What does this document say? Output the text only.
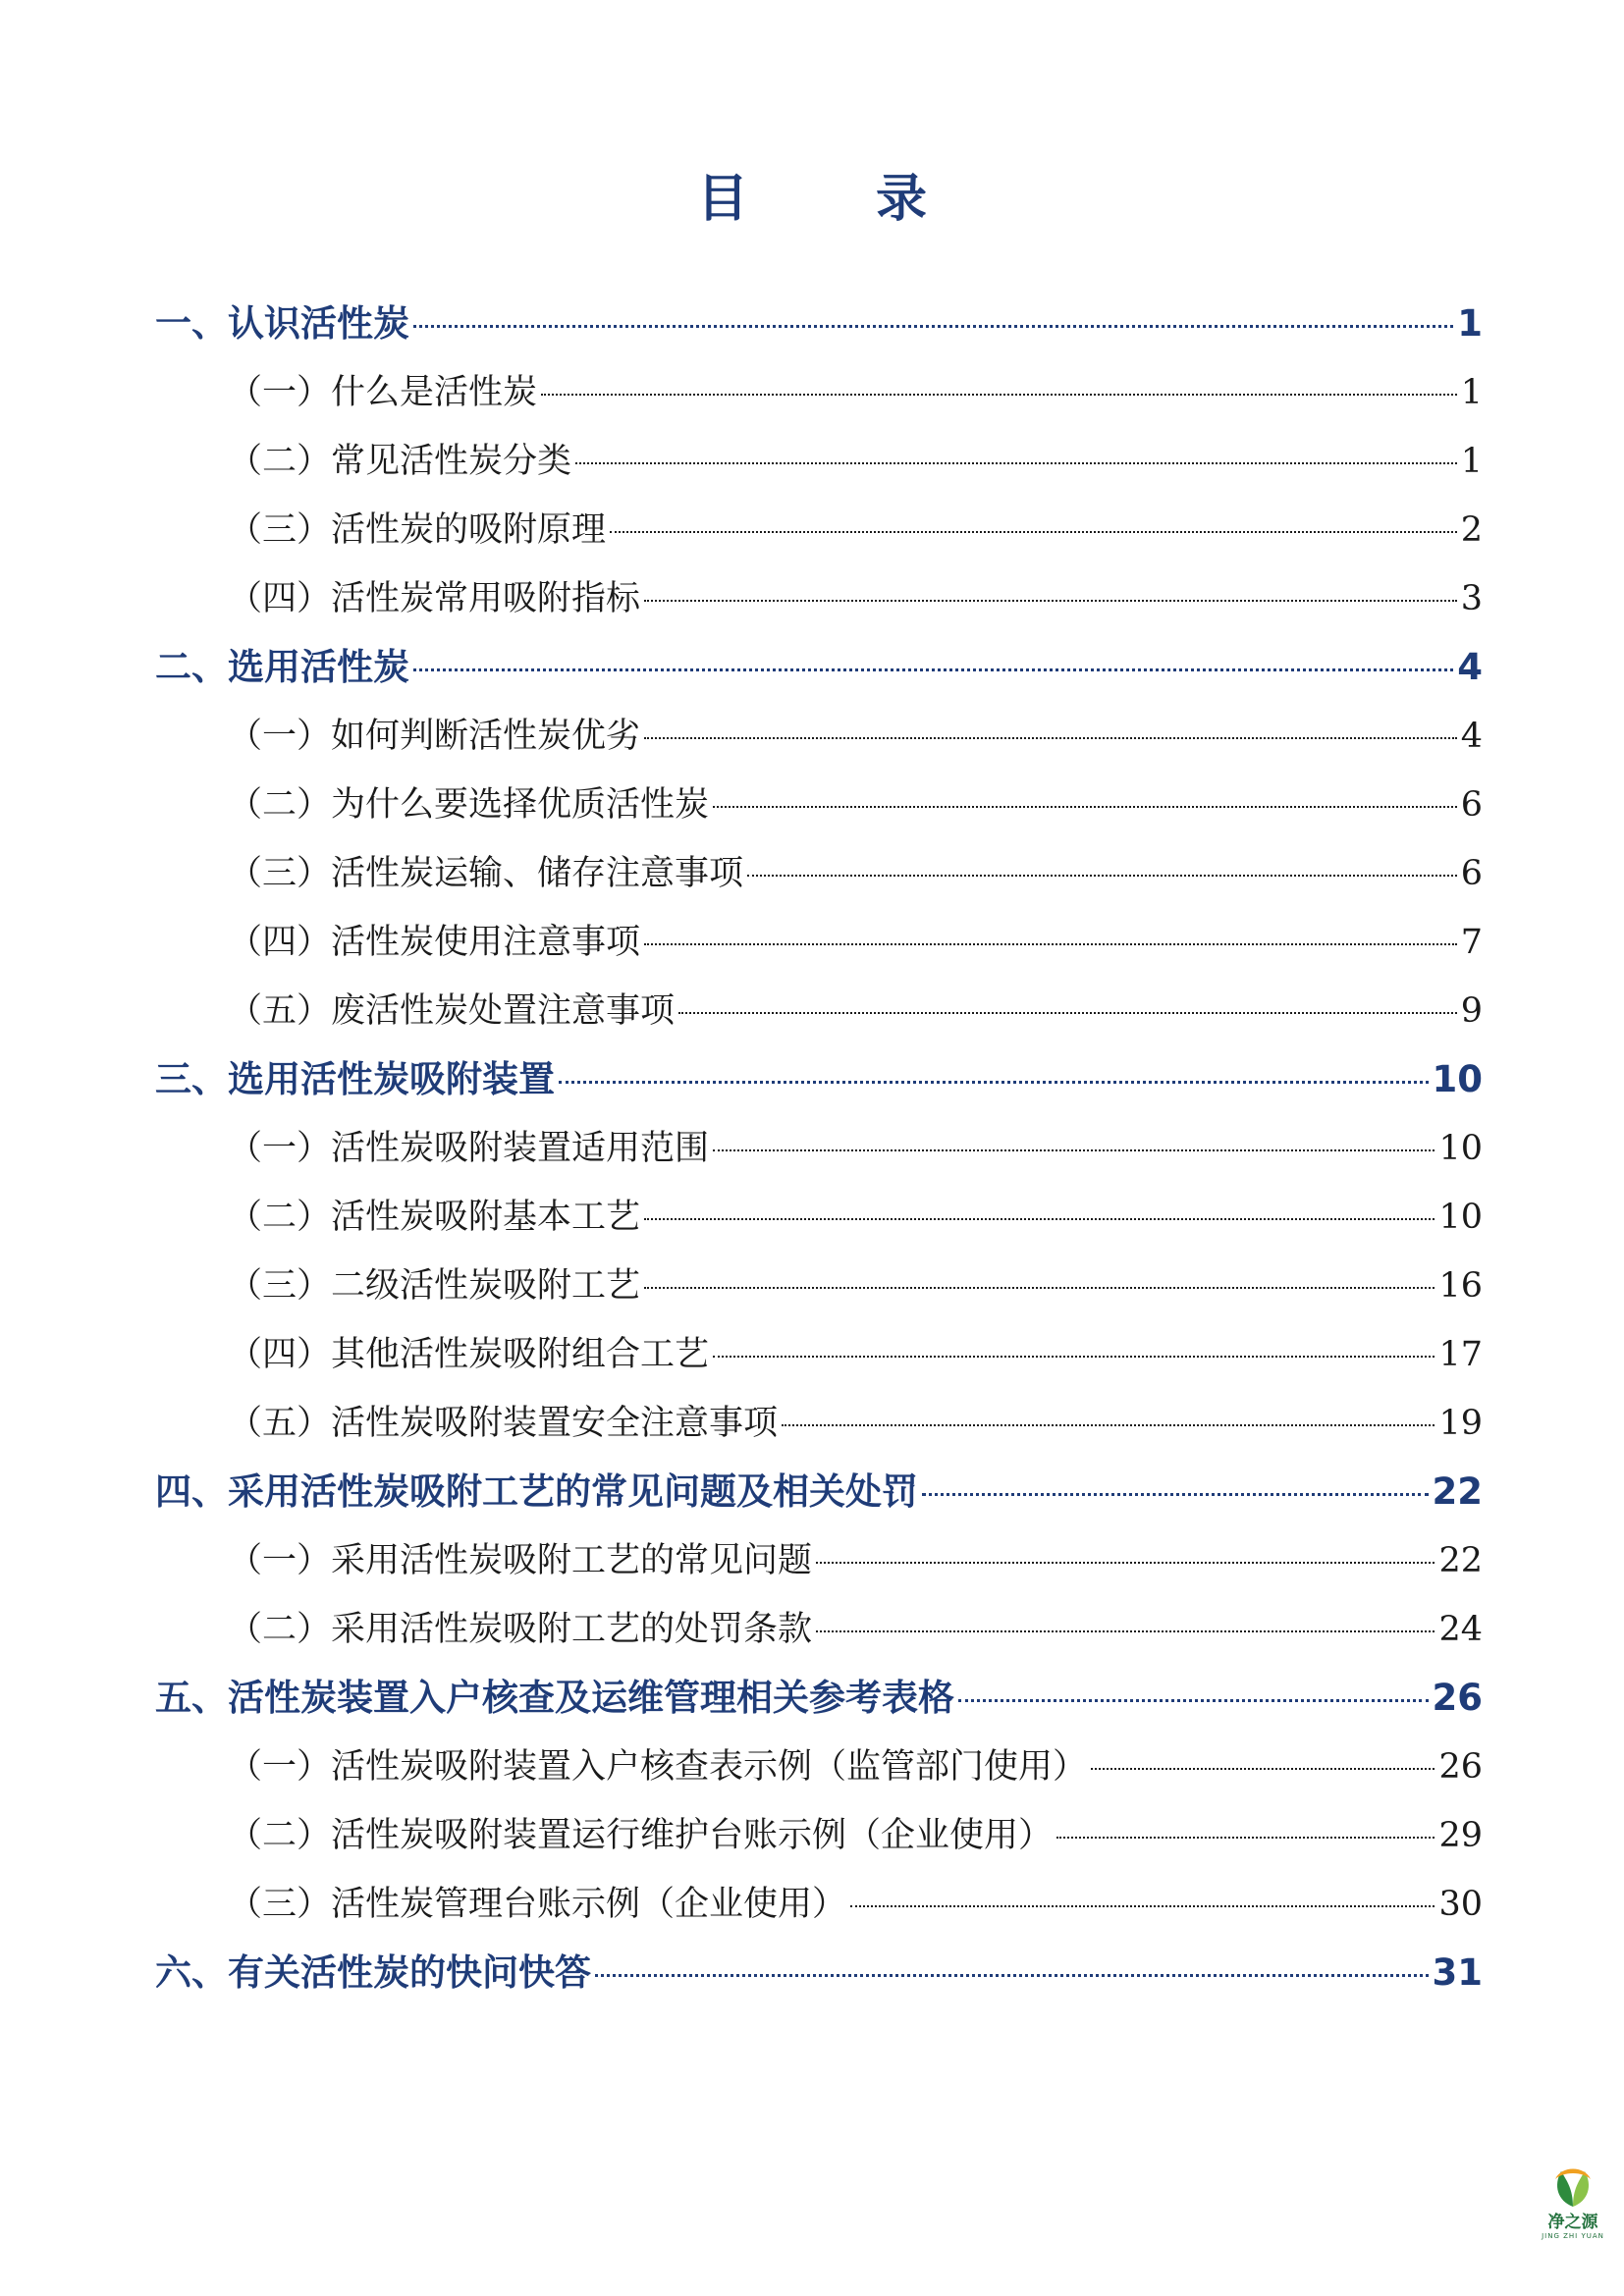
目 录
一、认识活性炭	1
（一）什么是活性炭	1
（二）常见活性炭分类	1
（三）活性炭的吸附原理	2
（四）活性炭常用吸附指标	3
二、选用活性炭	4
（一）如何判断活性炭优劣	4
（二）为什么要选择优质活性炭	6
（三）活性炭运输、储存注意事项	6
（四）活性炭使用注意事项	7
（五）废活性炭处置注意事项	9
三、选用活性炭吸附装置	10
（一）活性炭吸附装置适用范围	10
（二）活性炭吸附基本工艺	10
（三）二级活性炭吸附工艺	16
（四）其他活性炭吸附组合工艺	17
（五）活性炭吸附装置安全注意事项	19
四、采用活性炭吸附工艺的常见问题及相关处罚	22
（一）采用活性炭吸附工艺的常见问题	22
（二）采用活性炭吸附工艺的处罚条款	24
五、活性炭装置入户核查及运维管理相关参考表格	26
（一）活性炭吸附装置入户核查表示例（监管部门使用）	26
（二）活性炭吸附装置运行维护台账示例（企业使用）	29
（三）活性炭管理台账示例（企业使用）	30
六、有关活性炭的快问快答	31
净之源
JING ZHI YUAN
